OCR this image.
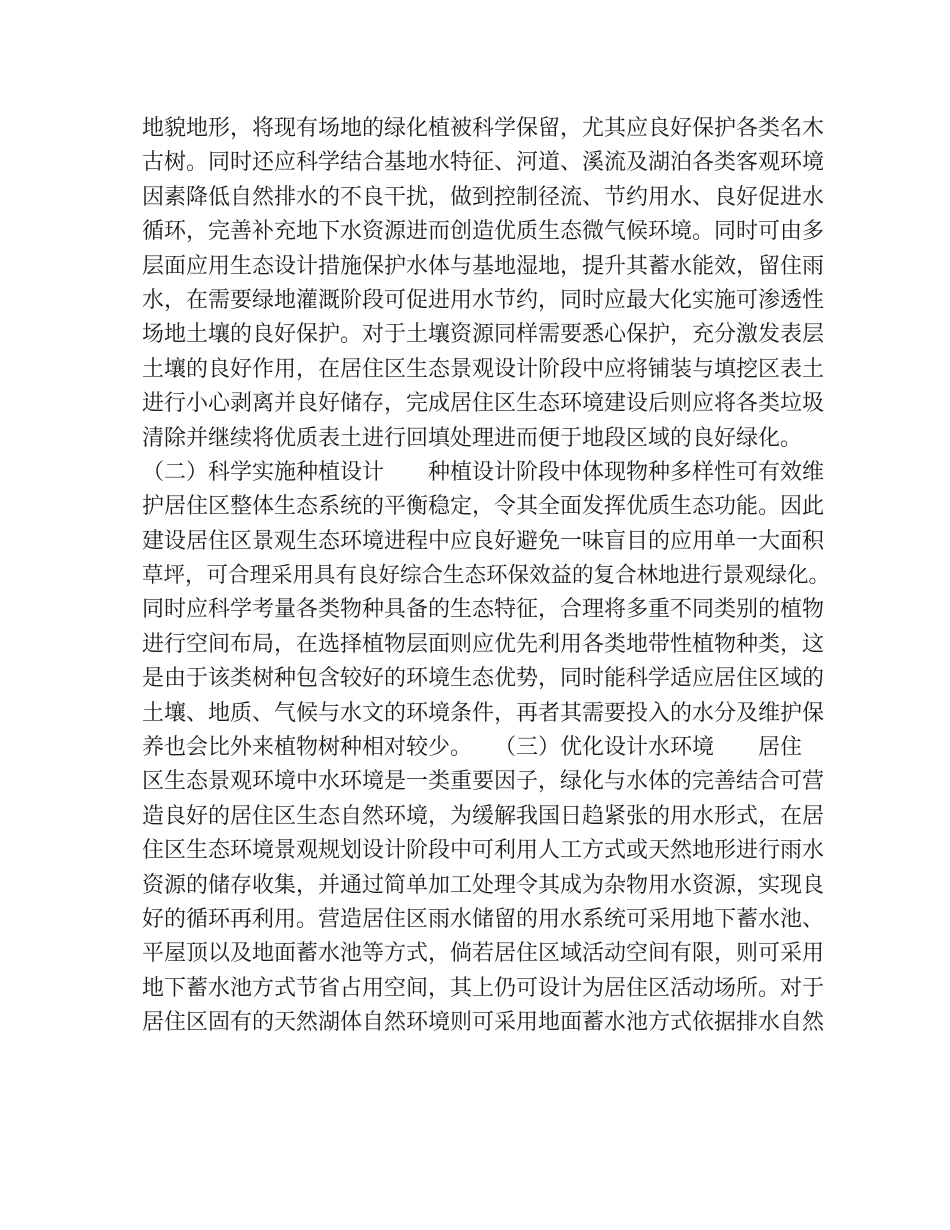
地貌地形，将现有场地的绿化植被科学保留，尤其应良好保护各类名木
古树。同时还应科学结合基地水特征、河道、溪流及湖泊各类客观环境
因素降低自然排水的不良干扰，做到控制径流、节约用水、良好促进水
循环，完善补充地下水资源进而创造优质生态微气候环境。同时可由多
层面应用生态设计措施保护水体与基地湿地，提升其蓄水能效，留住雨
水，在需要绿地灌溉阶段可促进用水节约，同时应最大化实施可渗透性
场地土壤的良好保护。对于土壤资源同样需要悉心保护，充分激发表层
土壤的良好作用，在居住区生态景观设计阶段中应将铺装与填挖区表土
进行小心剥离并良好储存，完成居住区生态环境建设后则应将各类垃圾
清除并继续将优质表土进行回填处理进而便于地段区域的良好绿化。
（二）科学实施种植设计　　种植设计阶段中体现物种多样性可有效维
护居住区整体生态系统的平衡稳定，令其全面发挥优质生态功能。因此
建设居住区景观生态环境进程中应良好避免一味盲目的应用单一大面积
草坪，可合理采用具有良好综合生态环保效益的复合林地进行景观绿化。
同时应科学考量各类物种具备的生态特征，合理将多重不同类别的植物
进行空间布局，在选择植物层面则应优先利用各类地带性植物种类，这
是由于该类树种包含较好的环境生态优势，同时能科学适应居住区域的
土壤、地质、气候与水文的环境条件，再者其需要投入的水分及维护保
养也会比外来植物树种相对较少。　　（三）优化设计水环境　　居住
区生态景观环境中水环境是一类重要因子，绿化与水体的完善结合可营
造良好的居住区生态自然环境，为缓解我国日趋紧张的用水形式，在居
住区生态环境景观规划设计阶段中可利用人工方式或天然地形进行雨水
资源的储存收集，并通过简单加工处理令其成为杂物用水资源，实现良
好的循环再利用。营造居住区雨水储留的用水系统可采用地下蓄水池、
平屋顶以及地面蓄水池等方式，倘若居住区域活动空间有限，则可采用
地下蓄水池方式节省占用空间，其上仍可设计为居住区活动场所。对于
居住区固有的天然湖体自然环境则可采用地面蓄水池方式依据排水自然
